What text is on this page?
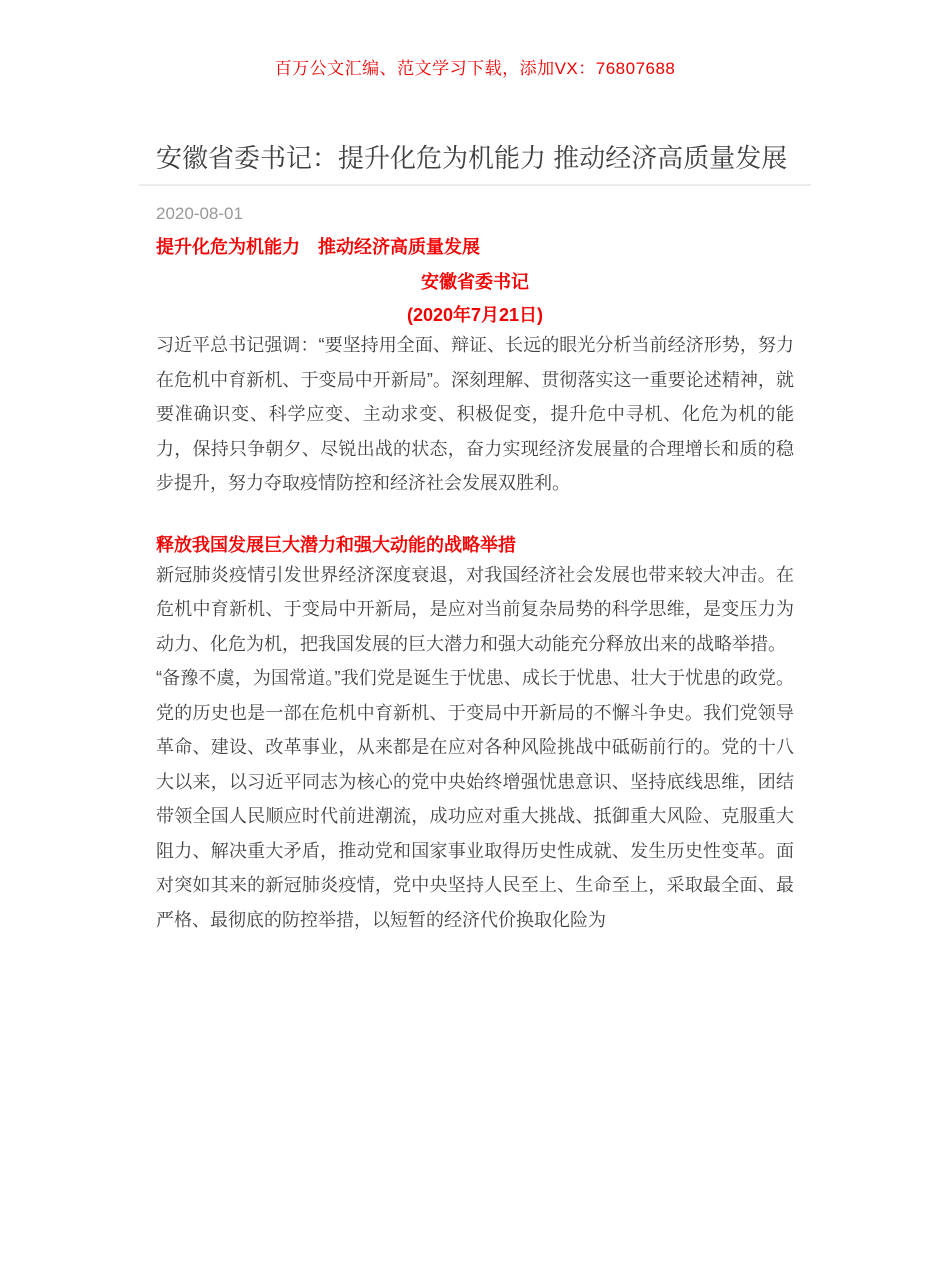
百万公文汇编、范文学习下载，添加VX：76807688
安徽省委书记：提升化危为机能力 推动经济高质量发展
2020-08-01
提升化危为机能力　推动经济高质量发展
安徽省委书记
(2020年7月21日)

习近平总书记强调：“要坚持用全面、辩证、长远的眼光分析当前经济形势，努力在危机中育新机、于变局中开新局”。深刻理解、贯彻落实这一重要论述精神，就要准确识变、科学应变、主动求变、积极促变，提升危中寻机、化危为机的能力，保持只争朝夕、尽锐出战的状态，奋力实现经济发展量的合理增长和质的稳步提升，努力夺取疫情防控和经济社会发展双胜利。

释放我国发展巨大潜力和强大动能的战略举措

新冠肺炎疫情引发世界经济深度衰退，对我国经济社会发展也带来较大冲击。在危机中育新机、于变局中开新局，是应对当前复杂局势的科学思维，是变压力为动力、化危为机，把我国发展的巨大潜力和强大动能充分释放出来的战略举措。

“备豫不虞，为国常道。”我们党是诞生于忧患、成长于忧患、壮大于忧患的政党。党的历史也是一部在危机中育新机、于变局中开新局的不懈斗争史。我们党领导革命、建设、改革事业，从来都是在应对各种风险挑战中砥砺前行的。党的十八大以来，以习近平同志为核心的党中央始终增强忧患意识、坚持底线思维，团结带领全国人民顺应时代前进潮流，成功应对重大挑战、抵御重大风险、克服重大阻力、解决重大矛盾，推动党和国家事业取得历史性成就、发生历史性变革。面对突如其来的新冠肺炎疫情，党中央坚持人民至上、生命至上，采取最全面、最严格、最彻底的防控举措，以短暂的经济代价换取化险为
